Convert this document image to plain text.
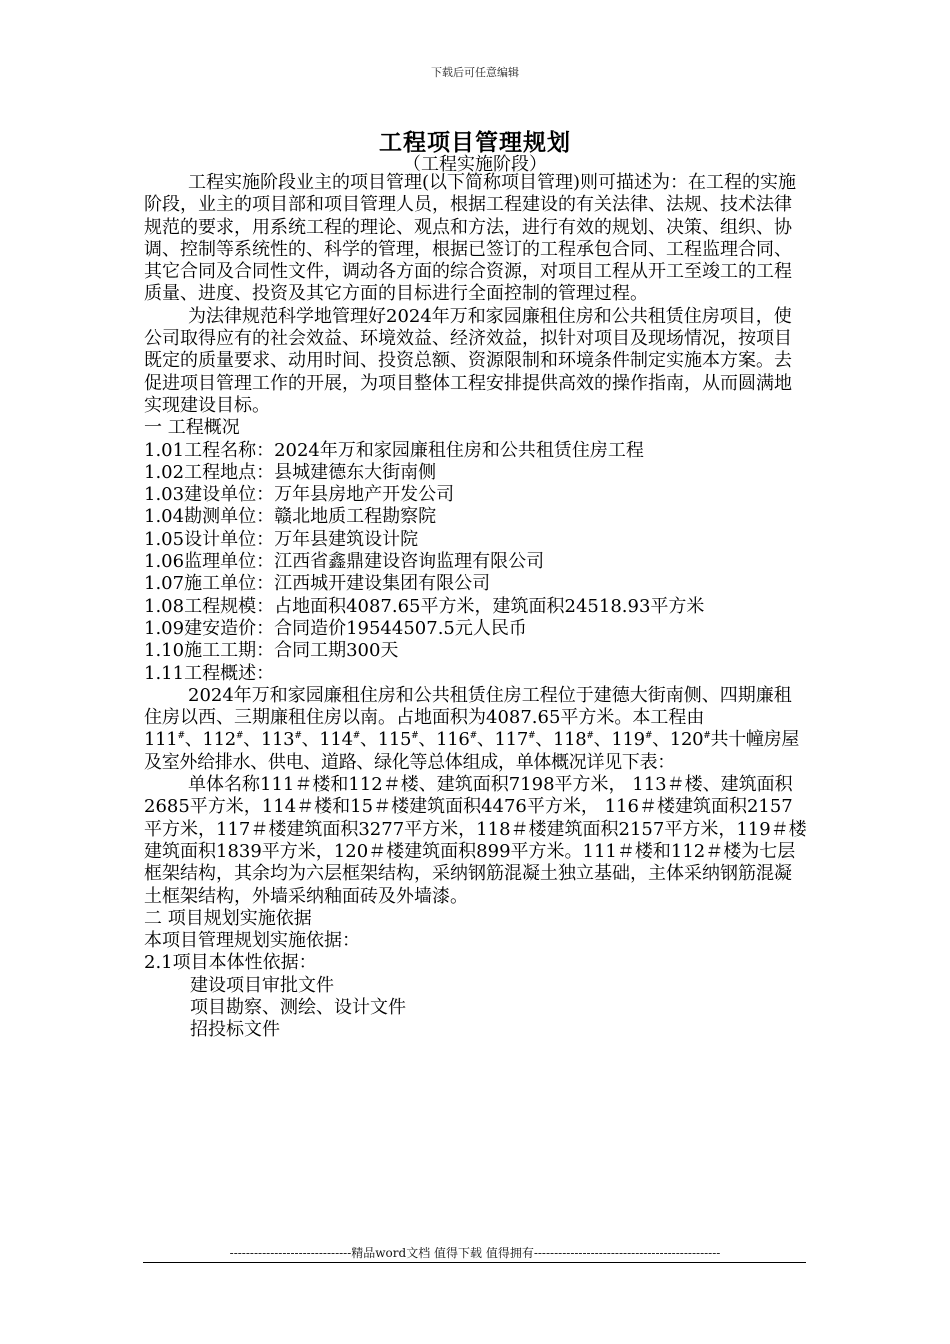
下载后可任意编辑
工程项目管理规划
（工程实施阶段）

工程实施阶段业主的项目管理(以下简称项目管理)则可描述为：在工程的实施阶段，业主的项目部和项目管理人员，根据工程建设的有关法律、法规、技术法律规范的要求，用系统工程的理论、观点和方法，进行有效的规划、决策、组织、协调、控制等系统性的、科学的管理，根据已签订的工程承包合同、工程监理合同、其它合同及合同性文件，调动各方面的综合资源，对项目工程从开工至竣工的工程质量、进度、投资及其它方面的目标进行全面控制的管理过程。

为法律规范科学地管理好2024年万和家园廉租住房和公共租赁住房项目，使公司取得应有的社会效益、环境效益、经济效益，拟针对项目及现场情况，按项目既定的质量要求、动用时间、投资总额、资源限制和环境条件制定实施本方案。去促进项目管理工作的开展，为项目整体工程安排提供高效的操作指南，从而圆满地实现建设目标。

一 工程概况

1.01工程名称：2024年万和家园廉租住房和公共租赁住房工程

1.02工程地点：县城建德东大街南侧

1.03建设单位：万年县房地产开发公司

1.04勘测单位：赣北地质工程勘察院

1.05设计单位：万年县建筑设计院

1.06监理单位：江西省鑫鼎建设咨询监理有限公司

1.07施工单位：江西城开建设集团有限公司

1.08工程规模：占地面积4087.65平方米，建筑面积24518.93平方米

1.09建安造价：合同造价19544507.5元人民币

1.10施工工期：合同工期300天

1.11工程概述：

2024年万和家园廉租住房和公共租赁住房工程位于建德大街南侧、四期廉租住房以西、三期廉租住房以南。占地面积为4087.65平方米。本工程由

111#、112#、113#、114#、115#、116#、117#、118#、119#、120#共十幢房屋及室外给排水、供电、道路、绿化等总体组成，单体概况详见下表：

单体名称111＃楼和112＃楼、建筑面积7198平方米， 113＃楼、建筑面积2685平方米，114＃楼和15＃楼建筑面积4476平方米， 116＃楼建筑面积2157平方米，117＃楼建筑面积3277平方米，118＃楼建筑面积2157平方米，119＃楼建筑面积1839平方米，120＃楼建筑面积899平方米。111＃楼和112＃楼为七层框架结构，其余均为六层框架结构，采纳钢筋混凝土独立基础，主体采纳钢筋混凝土框架结构，外墙采纳釉面砖及外墙漆。

二 项目规划实施依据

本项目管理规划实施依据：

2.1项目本体性依据：

建设项目审批文件

项目勘察、测绘、设计文件

招投标文件

------------------------------精品word文档 值得下载 值得拥有----------------------------------------------
